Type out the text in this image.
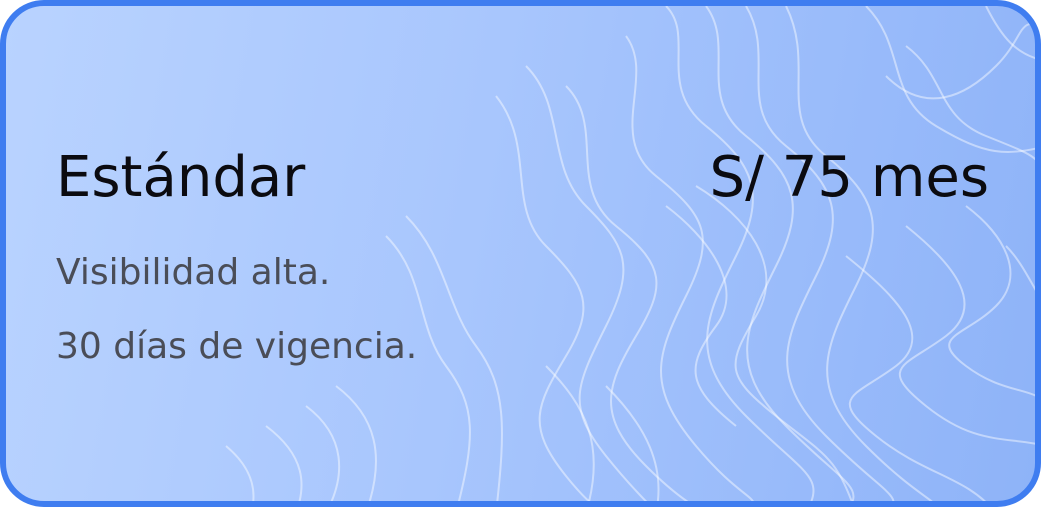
Estándar	S/ 75 mes

Visibilidad alta.

30 días de vigencia.
